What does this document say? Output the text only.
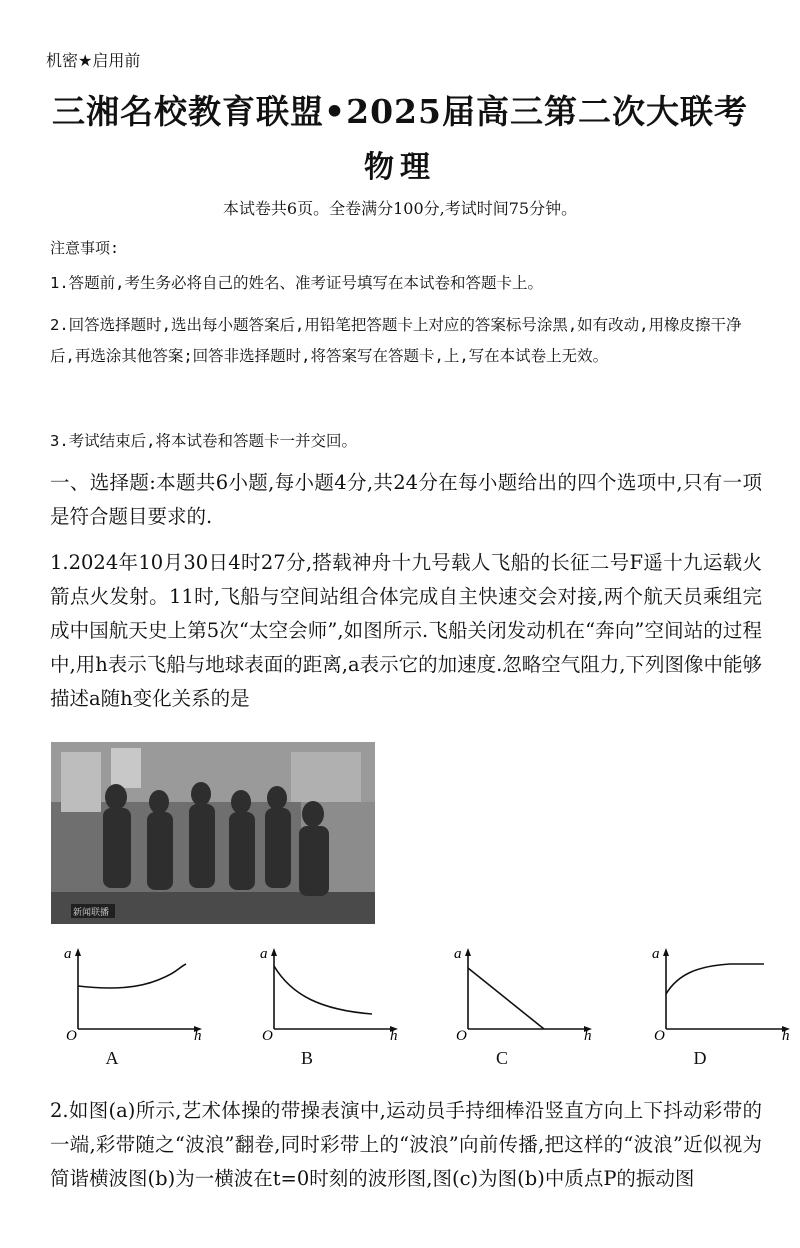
机密★启用前
三湘名校教育联盟•2025届高三第二次大联考
物理
本试卷共6页。全卷满分100分,考试时间75分钟。
注意事项:
1.答题前,考生务必将自己的姓名、准考证号填写在本试卷和答题卡上。
2.回答选择题时,选出每小题答案后,用铅笔把答题卡上对应的答案标号涂黑,如有改动,用橡皮擦干净后,再选涂其他答案;回答非选择题时,将答案写在答题卡,上,写在本试卷上无效。
3.考试结束后,将本试卷和答题卡一并交回。
一、选择题:本题共6小题,每小题4分,共24分在每小题给出的四个选项中,只有一项是符合题目要求的.
1.2024年10月30日4时27分,搭载神舟十九号载人飞船的长征二号F遥十九运载火箭点火发射。11时,飞船与空间站组合体完成自主快速交会对接,两个航天员乘组完成中国航天史上第5次“太空会师”,如图所示.飞船关闭发动机在“奔向”空间站的过程中,用h表示飞船与地球表面的距离,a表示它的加速度.忽略空气阻力,下列图像中能够描述a随h变化关系的是
新闻联播
a
O	h
A
a
O	h
B
a
O	h
C
a
O	h
D
2.如图(a)所示,艺术体操的带操表演中,运动员手持细棒沿竖直方向上下抖动彩带的一端,彩带随之“波浪”翻卷,同时彩带上的“波浪”向前传播,把这样的“波浪”近似视为简谐横波图(b)为一横波在t=0时刻的波形图,图(c)为图(b)中质点P的振动图
